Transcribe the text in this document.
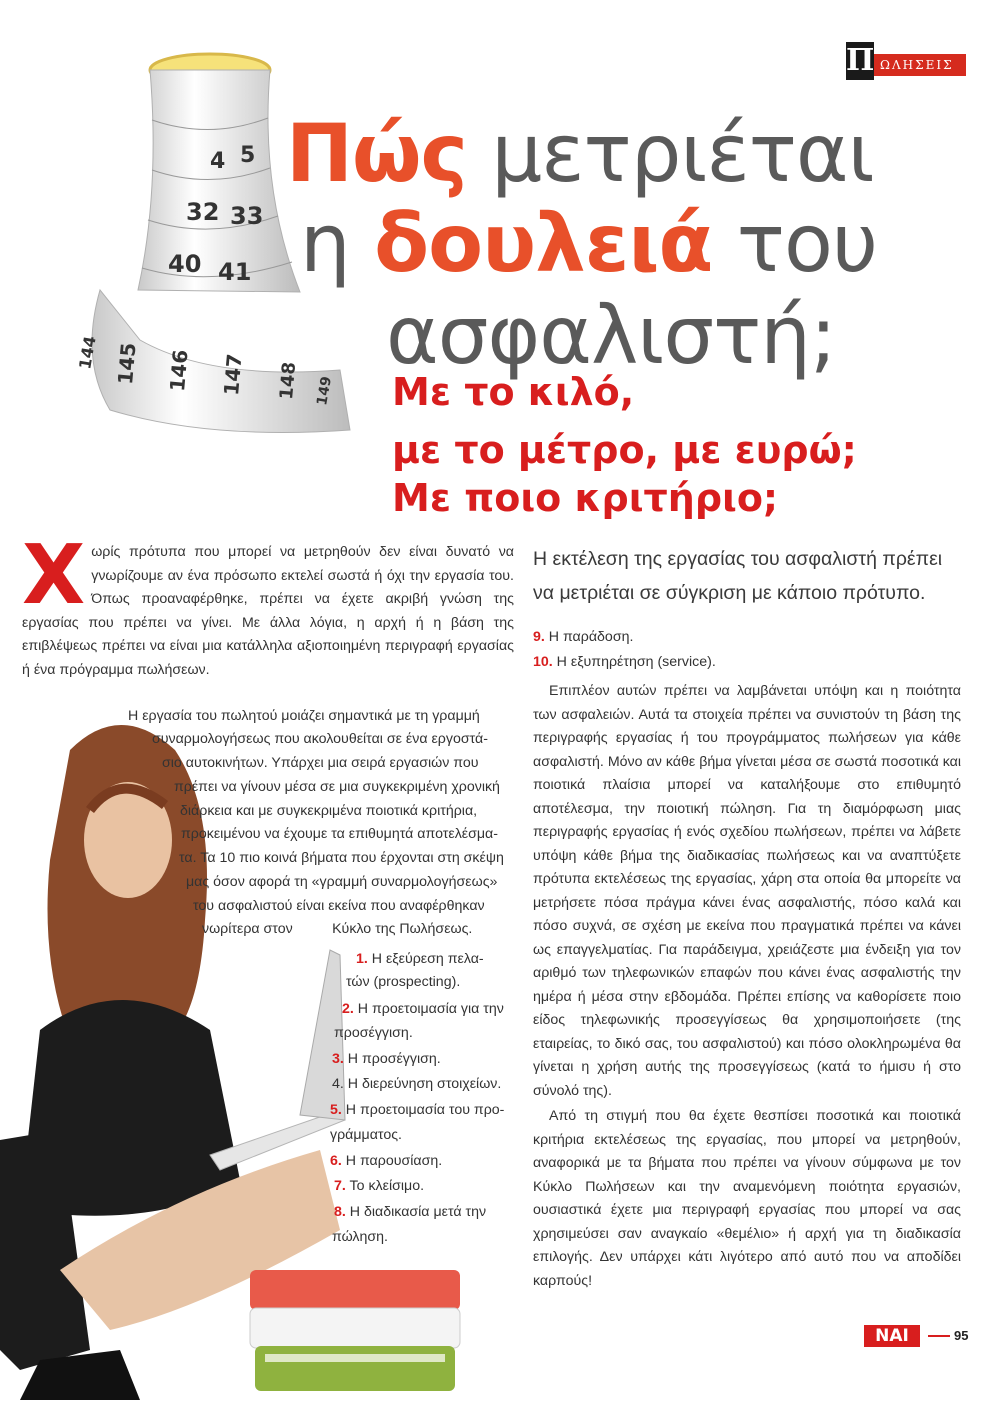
Π ΩΛΗΣΕΙΣ
4 5
32 33
40 41
144 145 146 147 148 149
Πώς μετριέται
η δουλειά του
ασφαλιστή;
Με το κιλό,
με το μέτρο, με ευρώ;
Με ποιο κριτήριο;
Χ ωρίς πρότυπα που μπορεί να μετρηθούν δεν είναι δυνατό να γνωρίζουμε αν ένα πρόσωπο εκτελεί σωστά ή όχι την εργασία του. Όπως προαναφέρθηκε, πρέπει να έχετε ακριβή γνώση της εργασίας που πρέπει να γίνει. Με άλλα λόγια, η αρχή ή η βάση της επιβλέψεως πρέπει να είναι μια κατάλληλα αξιοποιημένη περιγραφή εργασίας ή ένα πρόγραμμα πωλήσεων.

Η εργασία του πωλητού μοιάζει σημαντικά με τη γραμμή
συναρμολογήσεως που ακολουθείται σε ένα εργοστά-
σιο αυτοκινήτων. Υπάρχει μια σειρά εργασιών που
πρέπει να γίνουν μέσα σε μια συγκεκριμένη χρονική
διάρκεια και με συγκεκριμένα ποιοτικά κριτήρια,
προκειμένου να έχουμε τα επιθυμητά αποτελέσμα-
τα. Τα 10 πιο κοινά βήματα που έρχονται στη σκέψη
μας όσον αφορά τη «γραμμή συναρμολογήσεως»
του ασφαλιστού είναι εκείνα που αναφέρθηκαν
νωρίτερα στον          Κύκλο της Πωλήσεως.
1. Η εξεύρεση πελα-
τών (prospecting).
2. Η προετοιμασία για την
προσέγγιση.
3. Η προσέγγιση.
4. Η διερεύνηση στοιχείων.
5. Η προετοιμασία του προ-
γράμματος.
6. Η παρουσίαση.
7. Το κλείσιμο.
8. Η διαδικασία μετά την
πώληση.
Η εκτέλεση της εργασίας του ασφαλιστή πρέπει να μετριέται σε σύγκριση με κάποιο πρότυπο.
9. Η παράδοση.
10. Η εξυπηρέτηση (service).

Επιπλέον αυτών πρέπει να λαμβάνεται υπόψη και η ποιότητα των ασφαλειών. Αυτά τα στοιχεία πρέπει να συνιστούν τη βάση της περιγραφής εργασίας ή του προγράμματος πωλήσεων για κάθε ασφαλιστή. Μόνο αν κάθε βήμα γίνεται μέσα σε σωστά ποσοτικά και ποιοτικά πλαίσια μπορεί να καταλήξουμε στο επιθυμητό αποτέλεσμα, την ποιοτική πώληση. Για τη διαμόρφωση μιας περιγραφής εργασίας ή ενός σχεδίου πωλήσεων, πρέπει να λάβετε υπόψη κάθε βήμα της διαδικασίας πωλήσεως και να αναπτύξετε πρότυπα εκτελέσεως της εργασίας, χάρη στα οποία θα μπορείτε να μετρήσετε πόσα πράγμα κάνει ένας ασφαλιστής, πόσο καλά και πόσο συχνά, σε σχέση με εκείνα που πραγματικά πρέπει να κάνει ως επαγγελματίας. Για παράδειγμα, χρειάζεστε μια ένδειξη για τον αριθμό των τηλεφωνικών επαφών που κάνει ένας ασφαλιστής την ημέρα ή μέσα στην εβδομάδα. Πρέπει επίσης να καθορίσετε ποιο είδος τηλεφωνικής προσεγγίσεως θα χρησιμοποιήσετε (της εταιρείας, το δικό σας, του ασφαλιστού) και πόσο ολοκληρωμένα θα γίνεται η χρήση αυτής της προσεγγίσεως (κατά το ήμισυ ή στο σύνολό της).

Από τη στιγμή που θα έχετε θεσπίσει ποσοτικά και ποιοτικά κριτήρια εκτελέσεως της εργασίας, που μπορεί να μετρηθούν, αναφορικά με τα βήματα που πρέπει να γίνουν σύμφωνα με τον Κύκλο Πωλήσεων και την αναμενόμενη ποιότητα εργασιών, ουσιαστικά έχετε μια περιγραφή εργασίας που μπορεί να σας χρησιμεύσει σαν αναγκαίο «θεμέλιο» ή αρχή για τη διαδικασία επιλογής. Δεν υπάρχει κάτι λιγότερο από αυτό που να αποδίδει καρπούς!

NAI	95
